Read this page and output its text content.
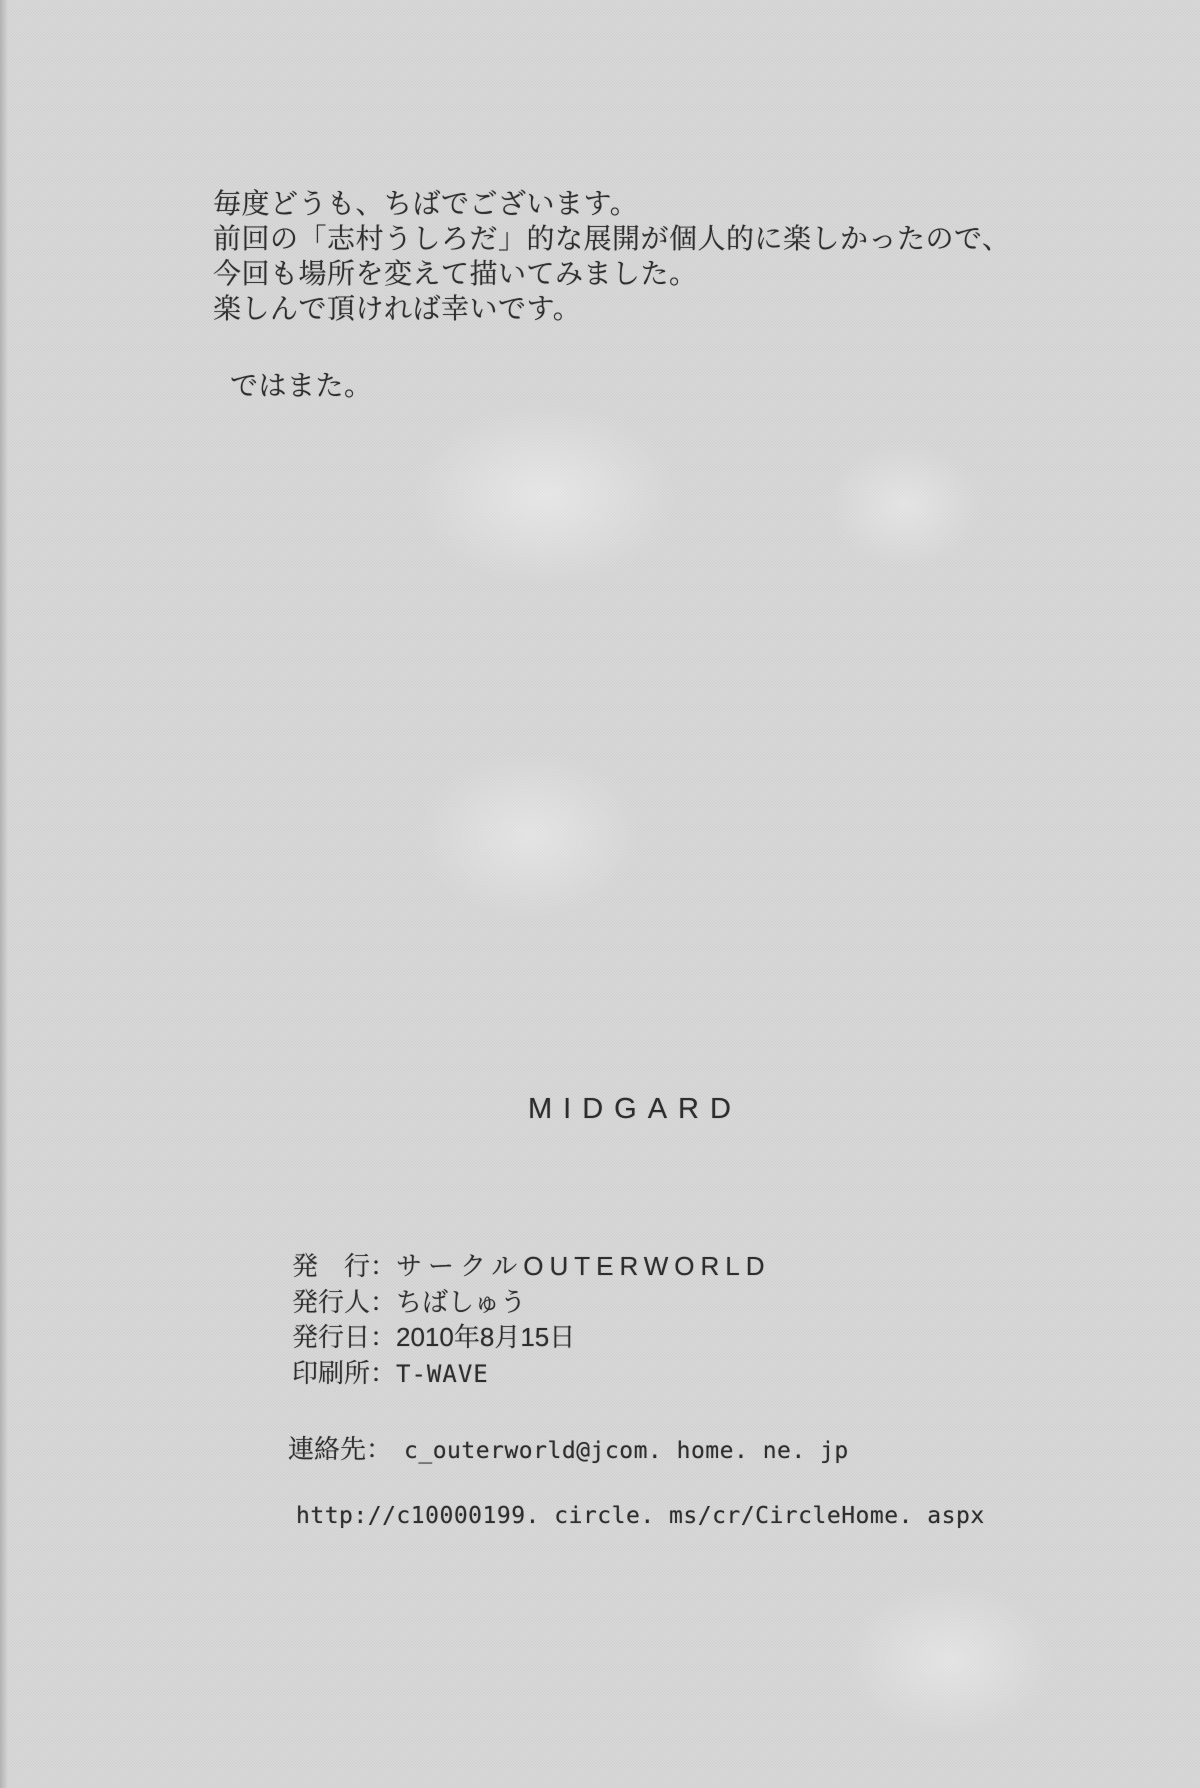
毎度どうも、ちばでございます。

前回の「志村うしろだ」的な展開が個人的に楽しかったので、

今回も場所を変えて描いてみました。

楽しんで頂ければ幸いです。

ではまた。
MIDGARD
発　行：サークルOUTERWORLD
発行人：ちばしゅう
発行日：2010年8月15日
印刷所：T-WAVE
連絡先： c_outerworld@jcom. home. ne. jp
http://c10000199. circle. ms/cr/CircleHome. aspx
